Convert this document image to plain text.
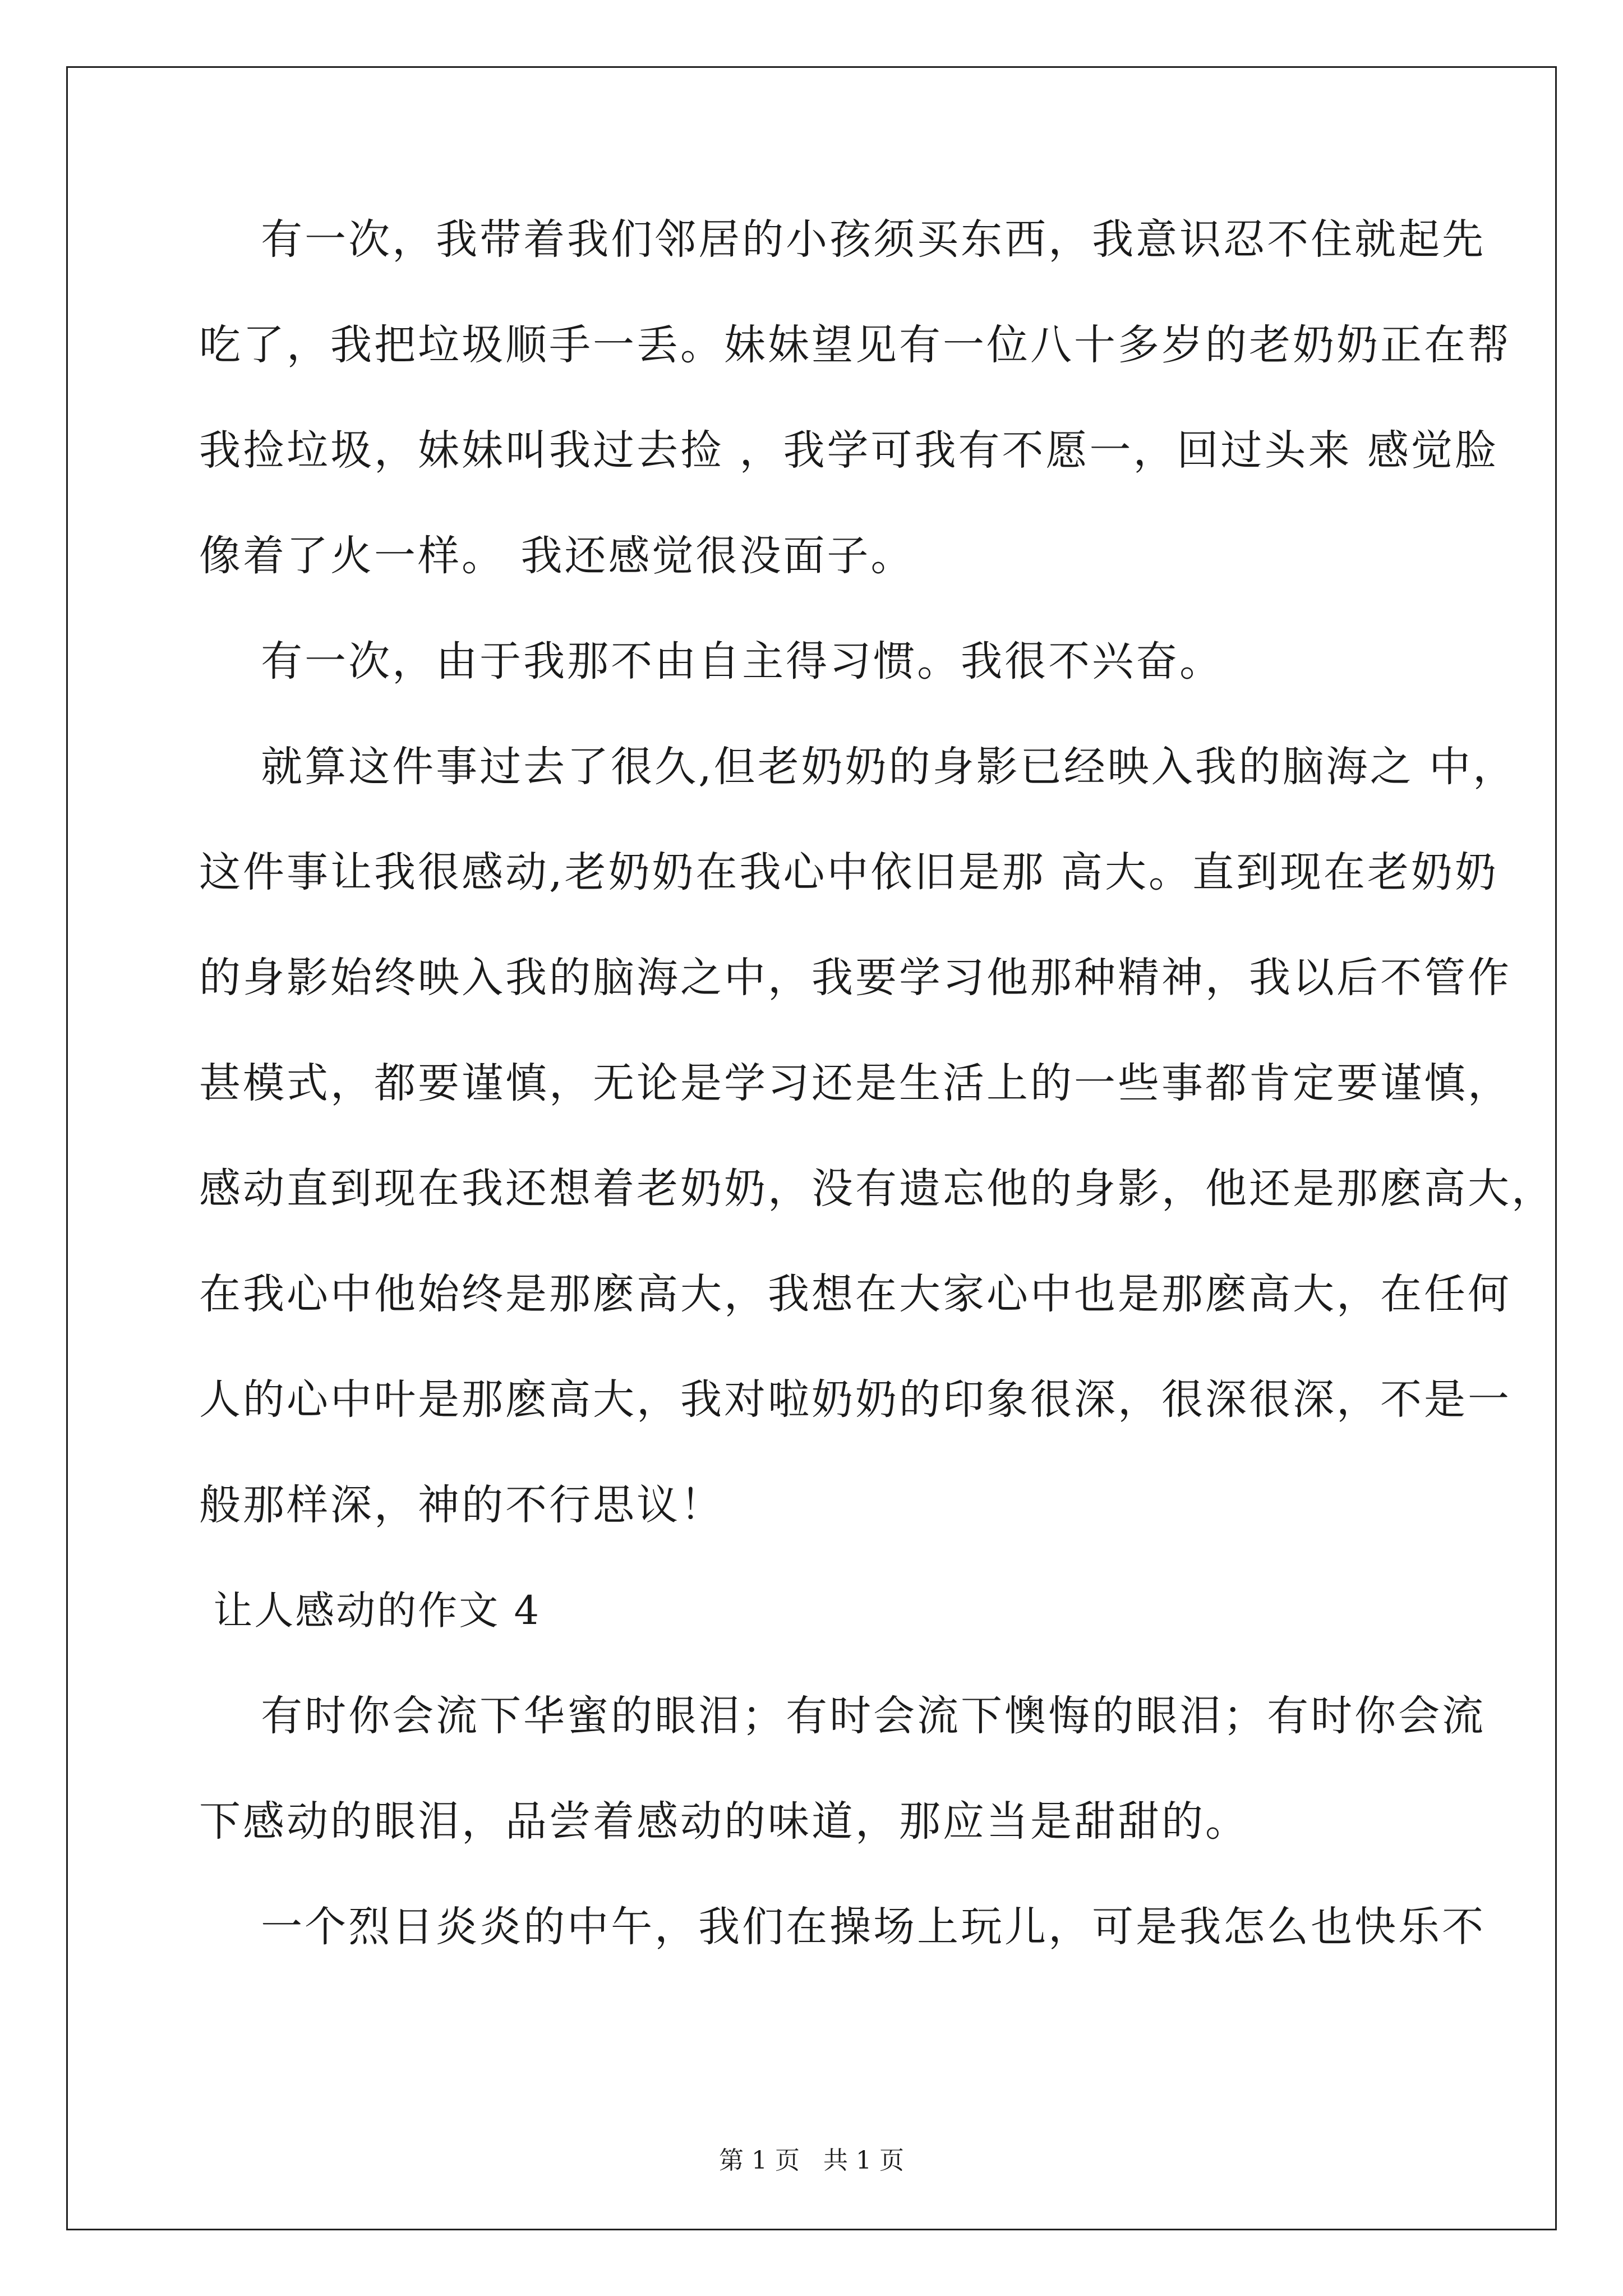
有一次，我带着我们邻居的小孩须买东西，我意识忍不住就起先
吃了，我把垃圾顺手一丢。妹妹望见有一位八十多岁的老奶奶正在帮
我捡垃圾，妹妹叫我过去捡 ，我学可我有不愿一，回过头来 感觉脸
像着了火一样。 我还感觉很没面子。
有一次，由于我那不由自主得习惯。我很不兴奋。
就算这件事过去了很久,但老奶奶的身影已经映入我的脑海之 中，
这件事让我很感动,老奶奶在我心中依旧是那 高大。直到现在老奶奶
的身影始终映入我的脑海之中，我要学习他那种精神，我以后不管作
甚模式，都要谨慎，无论是学习还是生活上的一些事都肯定要谨慎，
感动直到现在我还想着老奶奶，没有遗忘他的身影，他还是那麽高大，
在我心中他始终是那麽高大，我想在大家心中也是那麽高大，在任何
人的心中叶是那麽高大，我对啦奶奶的印象很深，很深很深，不是一
般那样深，神的不行思议！
让人感动的作文 4
有时你会流下华蜜的眼泪；有时会流下懊悔的眼泪；有时你会流
下感动的眼泪，品尝着感动的味道，那应当是甜甜的。
一个烈日炎炎的中午，我们在操场上玩儿，可是我怎么也快乐不
第 1 页   共 1 页
